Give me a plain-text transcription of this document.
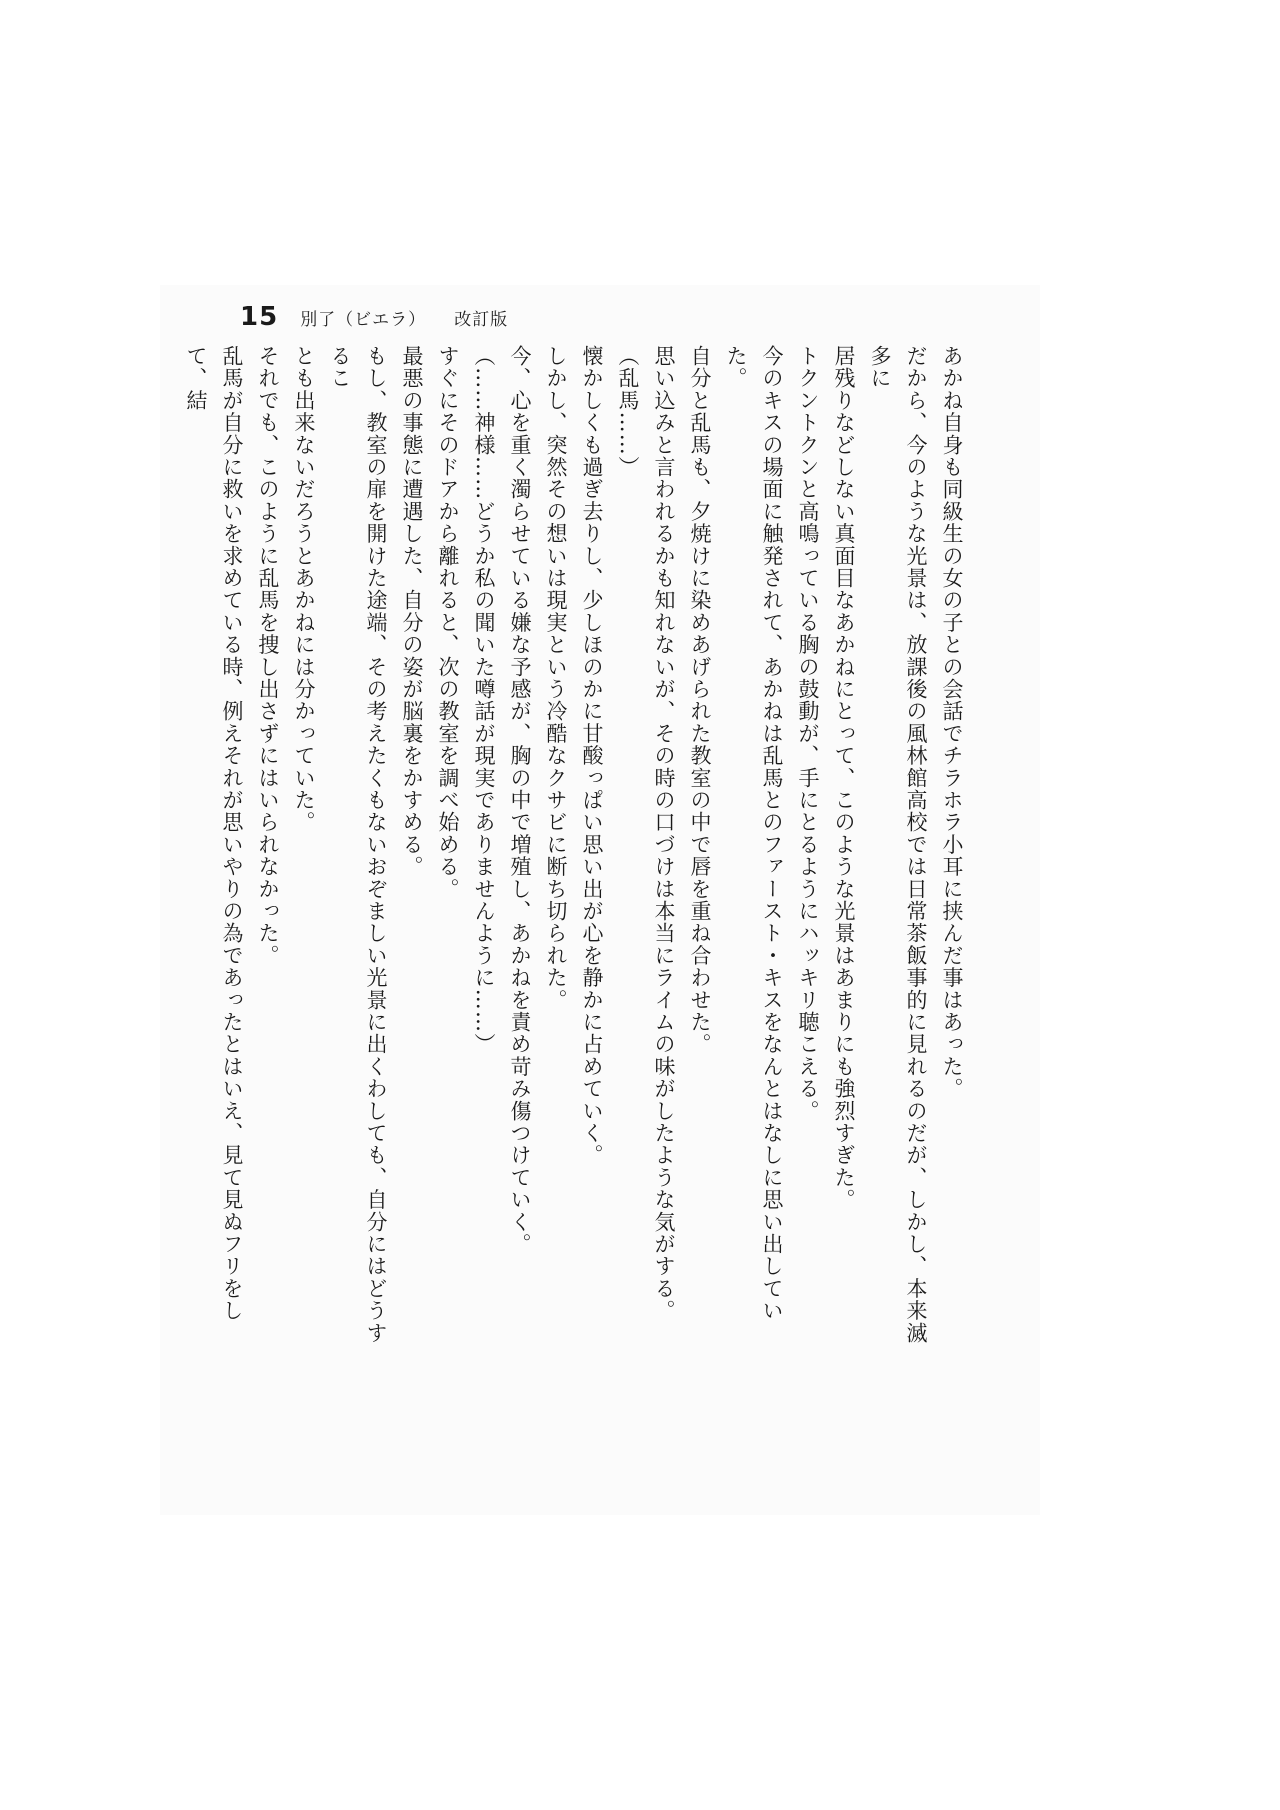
15 別了（ビエラ） 改訂版

あかね自身も同級生の女の子との会話でチラホラ小耳に挟んだ事はあった。

だから、今のような光景は、放課後の風林館高校では日常茶飯事的に見れるのだが、しかし、本来滅多に

居残りなどしない真面目なあかねにとって、このような光景はあまりにも強烈すぎた。

トクントクンと高鳴っている胸の鼓動が、手にとるようにハッキリ聴こえる。

今のキスの場面に触発されて、あかねは乱馬とのファースト・キスをなんとはなしに思い出していた。

自分と乱馬も、夕焼けに染めあげられた教室の中で唇を重ね合わせた。

思い込みと言われるかも知れないが、その時の口づけは本当にライムの味がしたような気がする。

（乱馬……）

懐かしくも過ぎ去りし、少しほのかに甘酸っぱい思い出が心を静かに占めていく。

しかし、突然その想いは現実という冷酷なクサビに断ち切られた。

今、心を重く濁らせている嫌な予感が、胸の中で増殖し、あかねを責め苛み傷つけていく。

（……神様……どうか私の聞いた噂話が現実でありませんように……）

すぐにそのドアから離れると、次の教室を調べ始める。

最悪の事態に遭遇した、自分の姿が脳裏をかすめる。

もし、教室の扉を開けた途端、その考えたくもないおぞましい光景に出くわしても、自分にはどうするこ

とも出来ないだろうとあかねには分かっていた。

それでも、このように乱馬を捜し出さずにはいられなかった。

乱馬が自分に救いを求めている時、例えそれが思いやりの為であったとはいえ、見て見ぬフリをして、結
